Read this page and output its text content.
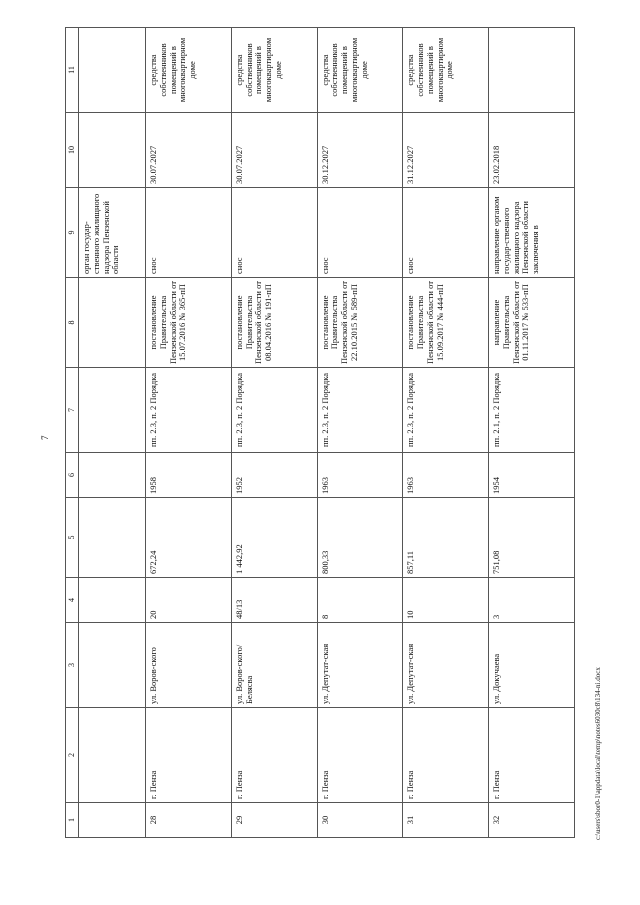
7
c:\users\sbor0-1\appdata\local\temp\notes6030c8\134-ni.docx
1	2	3	4	5	6	7	8	9	10	11
								орган государ-ственного жилищного надзора Пензенской области		
28	г. Пенза	ул. Воров-ского	20	672,24	1958	пп. 2.3, п. 2 Порядка	постановление Правительства Пензенской области от 15.07.2016 № 365-пП	снос	30.07.2027	средства собственников помещений в многоквартирном доме
29	г. Пенза	ул. Воров-ского/ Белясва	48/13	1 442,92	1952	пп. 2.3, п. 2 Порядка	постановление Правительства Пензенской области от 08.04.2016 № 191-пП	снос	30.07.2027	средства собственников помещений в многоквартирном доме
30	г. Пенза	ул. Депутат-ская	8	800,33	1963	пп. 2.3, п. 2 Порядка	постановление Правительства Пензенской области от 22.10.2015 № 589-пП	снос	30.12.2027	средства собственников помещений в многоквартирном доме
31	г. Пенза	ул. Депутат-ская	10	857,11	1963	пп. 2.3, п. 2 Порядка	постановление Правительства Пензенской области от 15.09.2017 № 444-пП	снос	31.12.2027	средства собственников помещений в многоквартирном доме
32	г. Пенза	ул. Докучаева	3	751,08	1954	пп. 2.1, п. 2 Порядка	направление Правительства Пензенской области от 01.11.2017 № 533-пП	направление органом государ-ственного жилищного надзора Пензенской области заключения в	23.02.2018	
